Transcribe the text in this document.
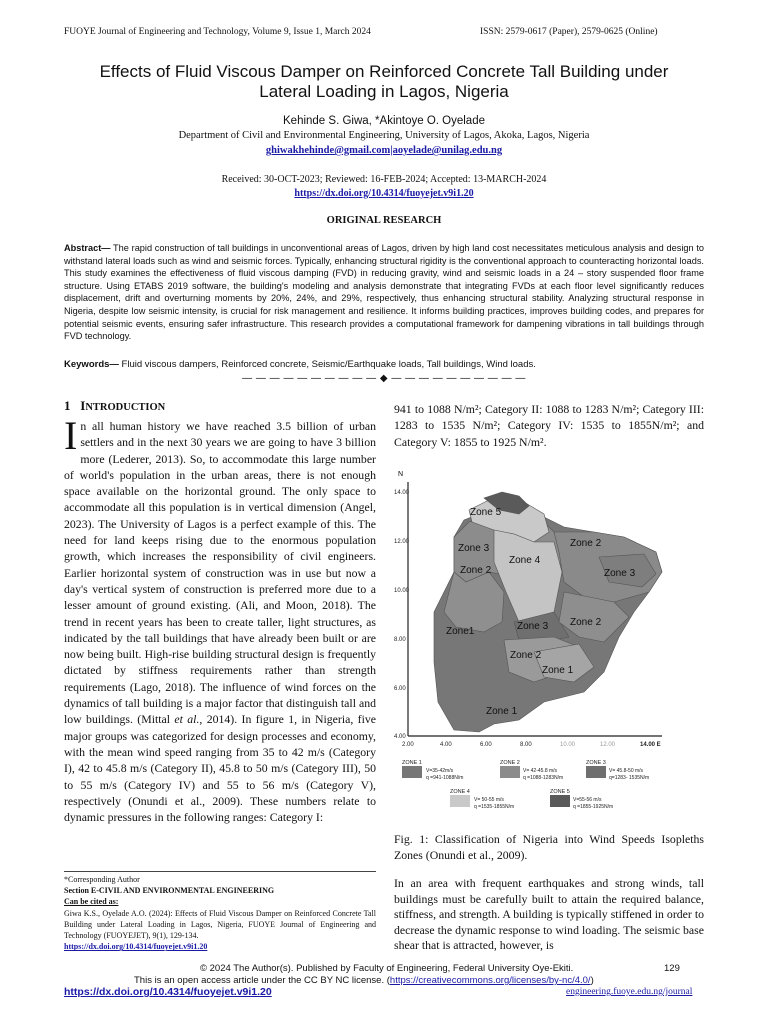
FUOYE Journal of Engineering and Technology, Volume 9, Issue 1, March 2024	ISSN: 2579-0617 (Paper), 2579-0625 (Online)
Effects of Fluid Viscous Damper on Reinforced Concrete Tall Building under
Lateral Loading in Lagos, Nigeria
Kehinde S. Giwa, *Akintoye O. Oyelade
Department of Civil and Environmental Engineering, University of Lagos, Akoka, Lagos, Nigeria
ghiwakhehinde@gmail.com|aoyelade@unilag.edu.ng
Received: 30-OCT-2023; Reviewed: 16-FEB-2024; Accepted: 13-MARCH-2024
https://dx.doi.org/10.4314/fuoyejet.v9i1.20
ORIGINAL RESEARCH
Abstract— The rapid construction of tall buildings in unconventional areas of Lagos, driven by high land cost necessitates meticulous analysis and design to withstand lateral loads such as wind and seismic forces. Typically, enhancing structural rigidity is the conventional approach to counteracting horizontal loads. This study examines the effectiveness of fluid viscous damping (FVD) in reducing gravity, wind and seismic loads in a 24 – story suspended floor frame structure. Using ETABS 2019 software, the building's modeling and analysis demonstrate that integrating FVDs at each floor level significantly reduces displacement, drift and overturning moments by 20%, 24%, and 29%, respectively, thus enhancing structural stability. Analyzing structural response in Nigeria, despite low seismic intensity, is crucial for risk management and resilience. It informs building practices, improves building codes, and prepares for potential seismic events, ensuring safer infrastructure. This research provides a computational framework for dampening vibrations in tall buildings through FVD technology.
Keywords— Fluid viscous dampers, Reinforced concrete, Seismic/Earthquake loads, Tall buildings, Wind loads.
— — — — — — — — — — ◆ — — — — — — — — — —
1 INTRODUCTION
In all human history we have reached 3.5 billion of urban settlers and in the next 30 years we are going to have 3 billion more (Lederer, 2013). So, to accommodate this large number of world's population in the urban areas, there is not enough space available on the horizontal ground. The only space to accommodate all this population is in vertical dimension (Angel, 2023). The University of Lagos is a perfect example of this. The need for land keeps rising due to the enormous population growth, which increases the responsibility of civil engineers. Earlier horizontal system of construction was in use but now a day's vertical system of construction is preferred more due to a lesser amount of ground existing. (Ali, and Moon, 2018). The trend in recent years has been to create taller, light structures, as indicated by the tall buildings that have already been built or are now being built. High-rise building structural design is frequently dictated by stiffness requirements rather than strength requirements (Lago, 2018). The influence of wind forces on the dynamics of tall building is a major factor that distinguish tall and low buildings. (Mittal et al., 2014). In figure 1, in Nigeria, five major groups was categorized for design processes and economy, with the mean wind speed ranging from 35 to 42 m/s (Category I), 42 to 45.8 m/s (Category II), 45.8 to 50 m/s (Category III), 50 to 55 m/s (Category IV) and 55 to 56 m/s (Category V), respectively (Onundi et al., 2009). These numbers relate to dynamic pressures in the following ranges: Category I:
941 to 1088 N/m²; Category II: 1088 to 1283 N/m²; Category III: 1283 to 1535 N/m²; Category IV: 1535 to 1855N/m²; and Category V: 1855 to 1925 N/m².
N
14.00
12.00
10.00
8.00
6.00
4.00
2.00	4.00	6.00	8.00	10.00	12.00	14.00 E
Zone 5
Zone 3
Zone 2
Zone 4
Zone 2
Zone 3
Zone1	Zone 3 Zone 2
Zone 2
Zone 1
Zone 1
ZONE 1
V=35-42m/s
q =941-1088N/m
ZONE 2
V= 42-45.8 m/s
q =1088-1283N/m
ZONE 3
V= 45.8-50 m/s
q=1283- 1535N/m
ZONE 4
V= 50-55 m/s
q =1535-1855N/m
ZONE 5
V=55-56 m/s
q =1855-1925N/m
Fig. 1: Classification of Nigeria into Wind Speeds Isopleths Zones (Onundi et al., 2009).
In an area with frequent earthquakes and strong winds, tall buildings must be carefully built to attain the required balance, stiffness, and strength. A building is typically stiffened in order to decrease the dynamic response to wind loading. The seismic base shear that is attracted, however, is
*Corresponding Author
Section E-CIVIL AND ENVIRONMENTAL ENGINEERING
Can be cited as:
Giwa K.S., Oyelade A.O. (2024): Effects of Fluid Viscous Damper on Reinforced Concrete Tall Building under Lateral Loading in Lagos, Nigeria, FUOYE Journal of Engineering and Technology (FUOYEJET), 9(1), 129-134.
https://dx.doi.org/10.4314/fuoyejet.v9i1.20
© 2024 The Author(s). Published by Faculty of Engineering, Federal University Oye-Ekiti.	129
This is an open access article under the CC BY NC license. (https://creativecommons.org/licenses/by-nc/4.0/)
https://dx.doi.org/10.4314/fuoyejet.v9i1.20	engineering.fuoye.edu.ng/journal
